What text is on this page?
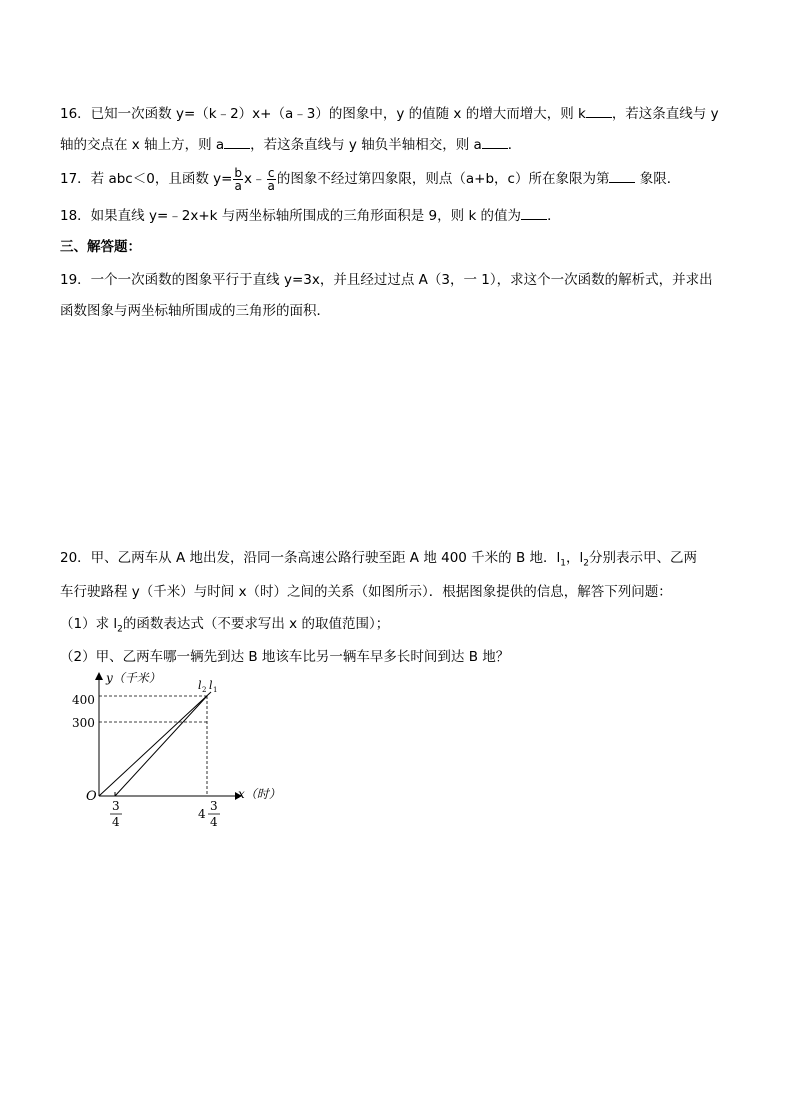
16．已知一次函数 y=（k﹣2）x+（a﹣3）的图象中，y 的值随 x 的增大而增大，则 k ，若这条直线与 y
轴的交点在 x 轴上方，则 a ，若这条直线与 y 轴负半轴相交，则 a ．
17．若 abc＜0，且函数 $y= \frac{b}{a}$ x﹣ $\frac{c}{a}$ 的图象不经过第四象限，则点（a+b，c）所在象限为第 象限．
18．如果直线 y=﹣2x+k 与两坐标轴所围成的三角形面积是 9，则 k 的值为 ．
三、解答题：
19．一个一次函数的图象平行于直线 y=3x，并且经过过点 A（3，一 1），求这个一次函数的解析式，并求出
函数图象与两坐标轴所围成的三角形的面积．
20．甲、乙两车从 A 地出发，沿同一条高速公路行驶至距 A 地 400 千米的 B 地．$l_1$，$l_2$分别表示甲、乙两
车行驶路程 y（千米）与时间 x（时）之间的关系（如图所示）．根据图象提供的信息，解答下列问题：
（1）求 $l_2$的函数表达式（不要求写出 x 的取值范围）；
（2）甲、乙两车哪一辆先到达 B 地该车比另一辆车早多长时间到达 B 地？
y（千米）
x（时）
O
400
300
3
4
4
3
4
l 2 l 1
